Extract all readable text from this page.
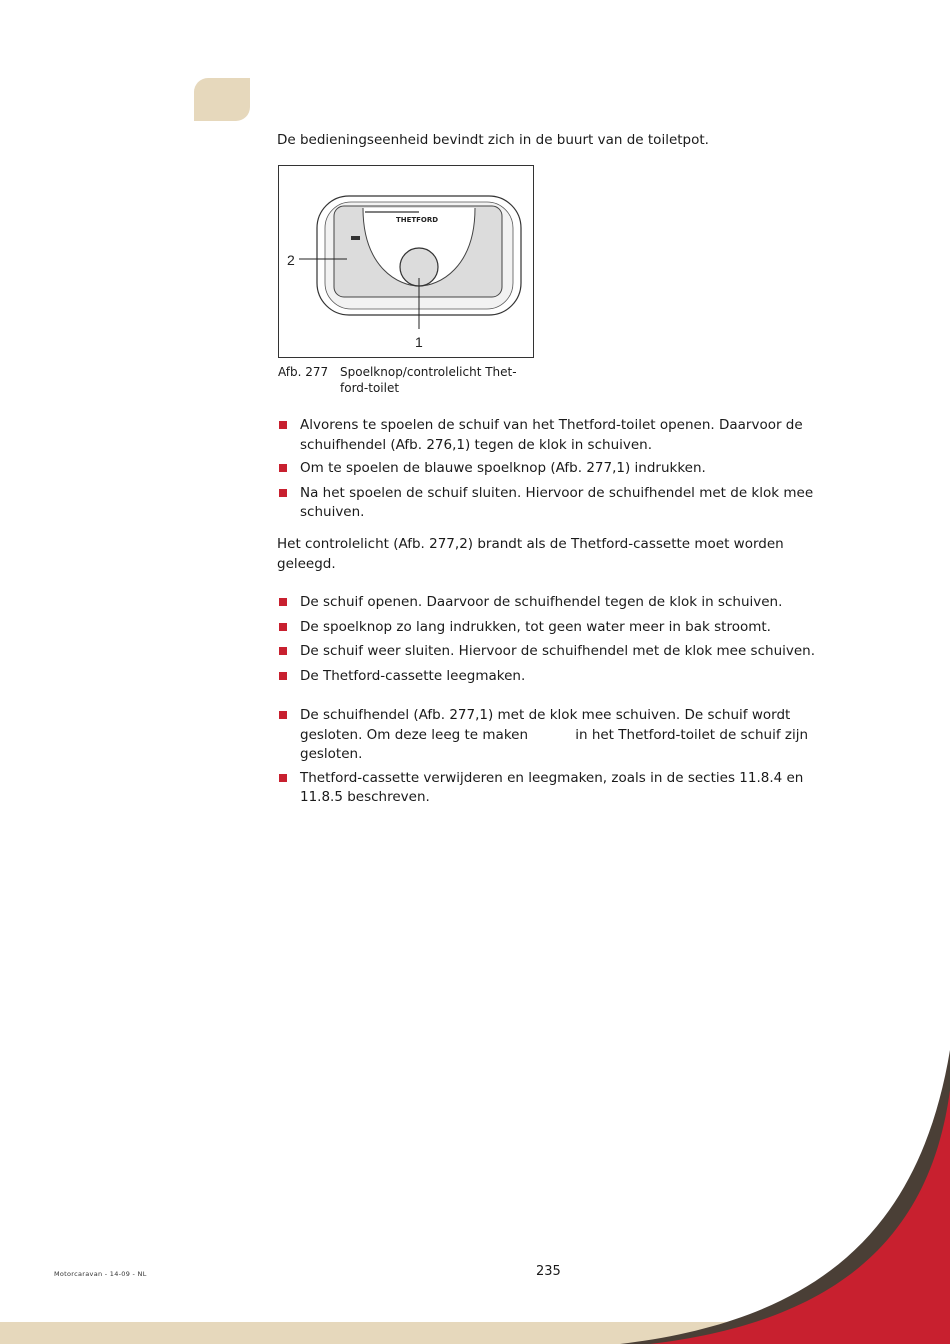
De bedieningseenheid bevindt zich in de buurt van de toiletpot.

THETFORD
2
1
Afb. 277 Spoelknop/controlelicht Thet-ford-toilet
Alvorens te spoelen de schuif van het Thetford-toilet openen. Daarvoor de schuifhendel (Afb. 276,1) tegen de klok in schuiven.
Om te spoelen de blauwe spoelknop (Afb. 277,1) indrukken.
Na het spoelen de schuif sluiten. Hiervoor de schuifhendel met de klok mee schuiven.

Het controlelicht (Afb. 277,2) brandt als de Thetford-cassette moet worden geleegd.

De schuif openen. Daarvoor de schuifhendel tegen de klok in schuiven.
De spoelknop zo lang indrukken, tot geen water meer in bak stroomt.
De schuif weer sluiten. Hiervoor de schuifhendel met de klok mee schuiven.
De Thetford-cassette leegmaken.
De schuifhendel (Afb. 277,1) met de klok mee schuiven. De schuif wordt gesloten. Om deze leeg te maken           in het Thetford-toilet de schuif zijn gesloten.
Thetford-cassette verwijderen en leegmaken, zoals in de secties 11.8.4 en 11.8.5 beschreven.
Motorcaravan - 14-09 - NL	235
